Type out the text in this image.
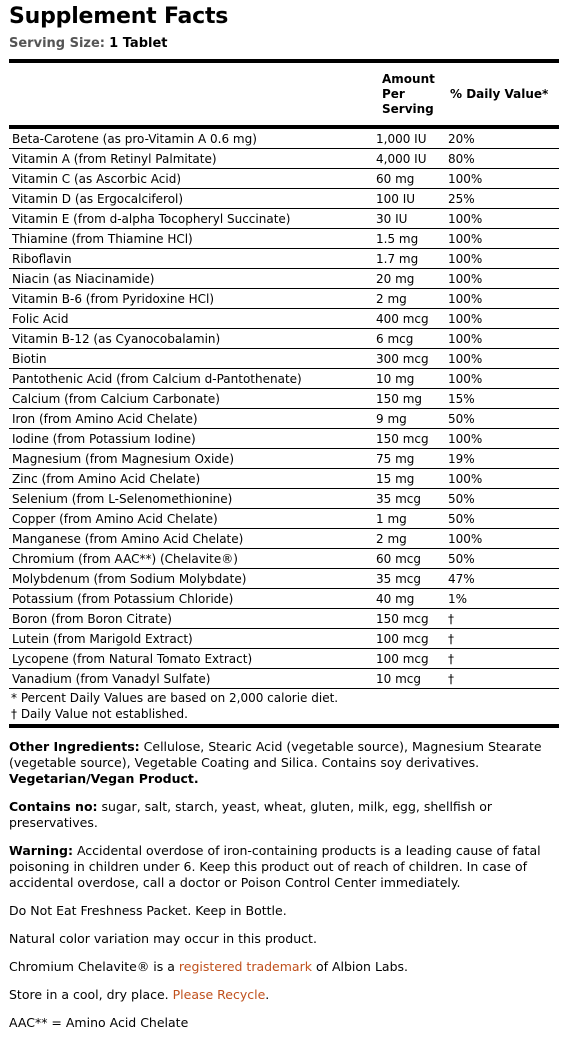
Supplement Facts
Serving Size: 1 Tablet
Amount
Per
Serving
% Daily Value*
Beta-Carotene (as pro-Vitamin A 0.6 mg)	1,000 IU	20%
Vitamin A (from Retinyl Palmitate)	4,000 IU	80%
Vitamin C (as Ascorbic Acid)	60 mg	100%
Vitamin D (as Ergocalciferol)	100 IU	25%
Vitamin E (from d-alpha Tocopheryl Succinate)	30 IU	100%
Thiamine (from Thiamine HCl)	1.5 mg	100%
Riboflavin	1.7 mg	100%
Niacin (as Niacinamide)	20 mg	100%
Vitamin B-6 (from Pyridoxine HCl)	2 mg	100%
Folic Acid	400 mcg	100%
Vitamin B-12 (as Cyanocobalamin)	6 mcg	100%
Biotin	300 mcg	100%
Pantothenic Acid (from Calcium d-Pantothenate)	10 mg	100%
Calcium (from Calcium Carbonate)	150 mg	15%
Iron (from Amino Acid Chelate)	9 mg	50%
Iodine (from Potassium Iodine)	150 mcg	100%
Magnesium (from Magnesium Oxide)	75 mg	19%
Zinc (from Amino Acid Chelate)	15 mg	100%
Selenium (from L-Selenomethionine)	35 mcg	50%
Copper (from Amino Acid Chelate)	1 mg	50%
Manganese (from Amino Acid Chelate)	2 mg	100%
Chromium (from AAC**) (Chelavite®)	60 mcg	50%
Molybdenum (from Sodium Molybdate)	35 mcg	47%
Potassium (from Potassium Chloride)	40 mg	1%
Boron (from Boron Citrate)	150 mcg	†
Lutein (from Marigold Extract)	100 mcg	†
Lycopene (from Natural Tomato Extract)	100 mcg	†
Vanadium (from Vanadyl Sulfate)	10 mcg	†
* Percent Daily Values are based on 2,000 calorie diet.
† Daily Value not established.

Other Ingredients: Cellulose, Stearic Acid (vegetable source), Magnesium Stearate (vegetable source), Vegetable Coating and Silica. Contains soy derivatives.

Vegetarian/Vegan Product.

Contains no: sugar, salt, starch, yeast, wheat, gluten, milk, egg, shellfish or preservatives.

Warning: Accidental overdose of iron-containing products is a leading cause of fatal poisoning in children under 6. Keep this product out of reach of children. In case of accidental overdose, call a doctor or Poison Control Center immediately.

Do Not Eat Freshness Packet. Keep in Bottle.

Natural color variation may occur in this product.

Chromium Chelavite® is a registered trademark of Albion Labs.

Store in a cool, dry place. Please Recycle.

AAC** = Amino Acid Chelate
